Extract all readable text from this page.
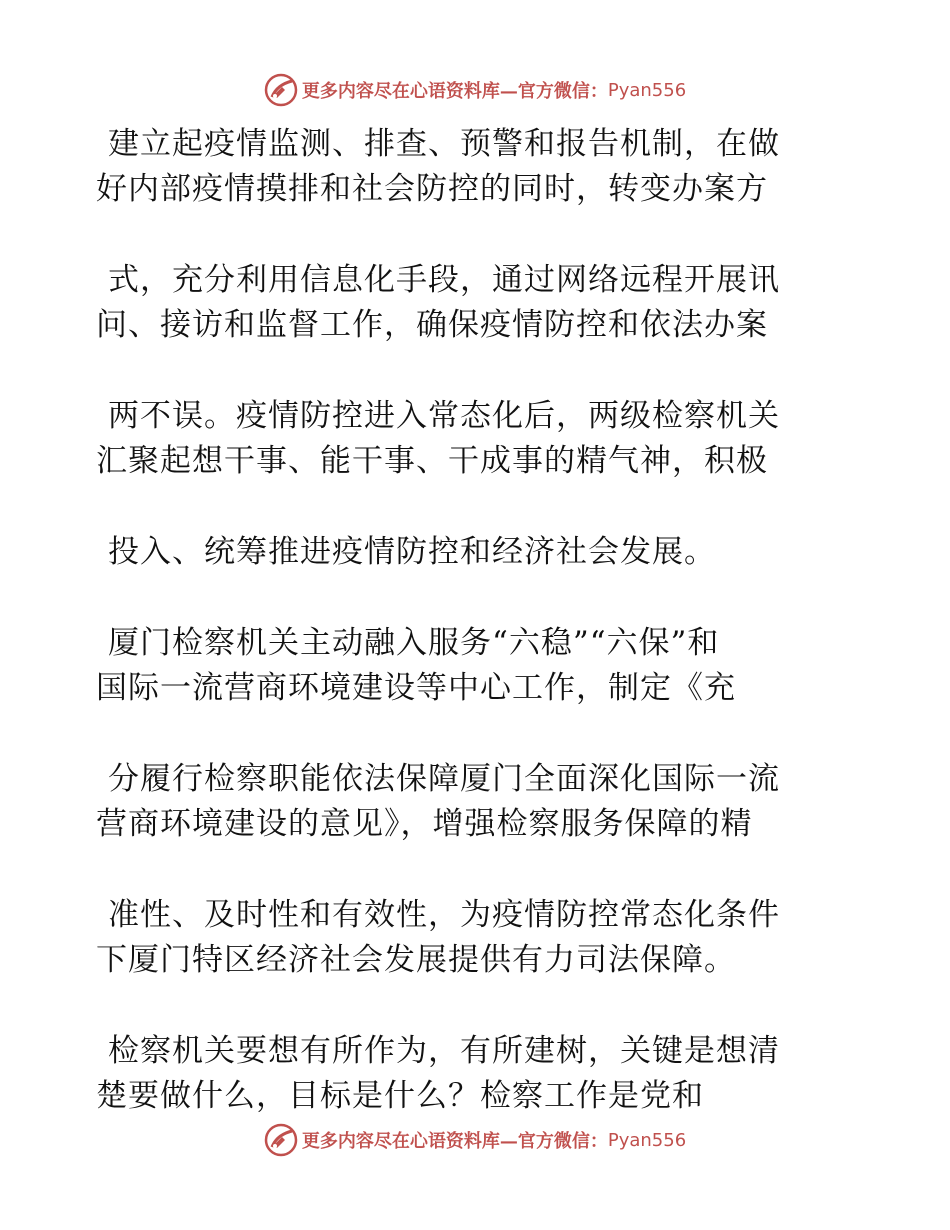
更多内容尽在心语资料库—官方微信： Pyan556
建立起疫情监测、排查、预警和报告机制，在做
好内部疫情摸排和社会防控的同时，转变办案方
式，充分利用信息化手段，通过网络远程开展讯
问、接访和监督工作，确保疫情防控和依法办案
两不误。疫情防控进入常态化后，两级检察机关
汇聚起想干事、能干事、干成事的精气神，积极
投入、统筹推进疫情防控和经济社会发展。
厦门检察机关主动融入服务“六稳”“六保”和
国际一流营商环境建设等中心工作，制定《充
分履行检察职能依法保障厦门全面深化国际一流
营商环境建设的意见》，增强检察服务保障的精
准性、及时性和有效性，为疫情防控常态化条件
下厦门特区经济社会发展提供有力司法保障。
检察机关要想有所作为，有所建树，关键是想清
楚要做什么，目标是什么？检察工作是党和
更多内容尽在心语资料库—官方微信： Pyan556
